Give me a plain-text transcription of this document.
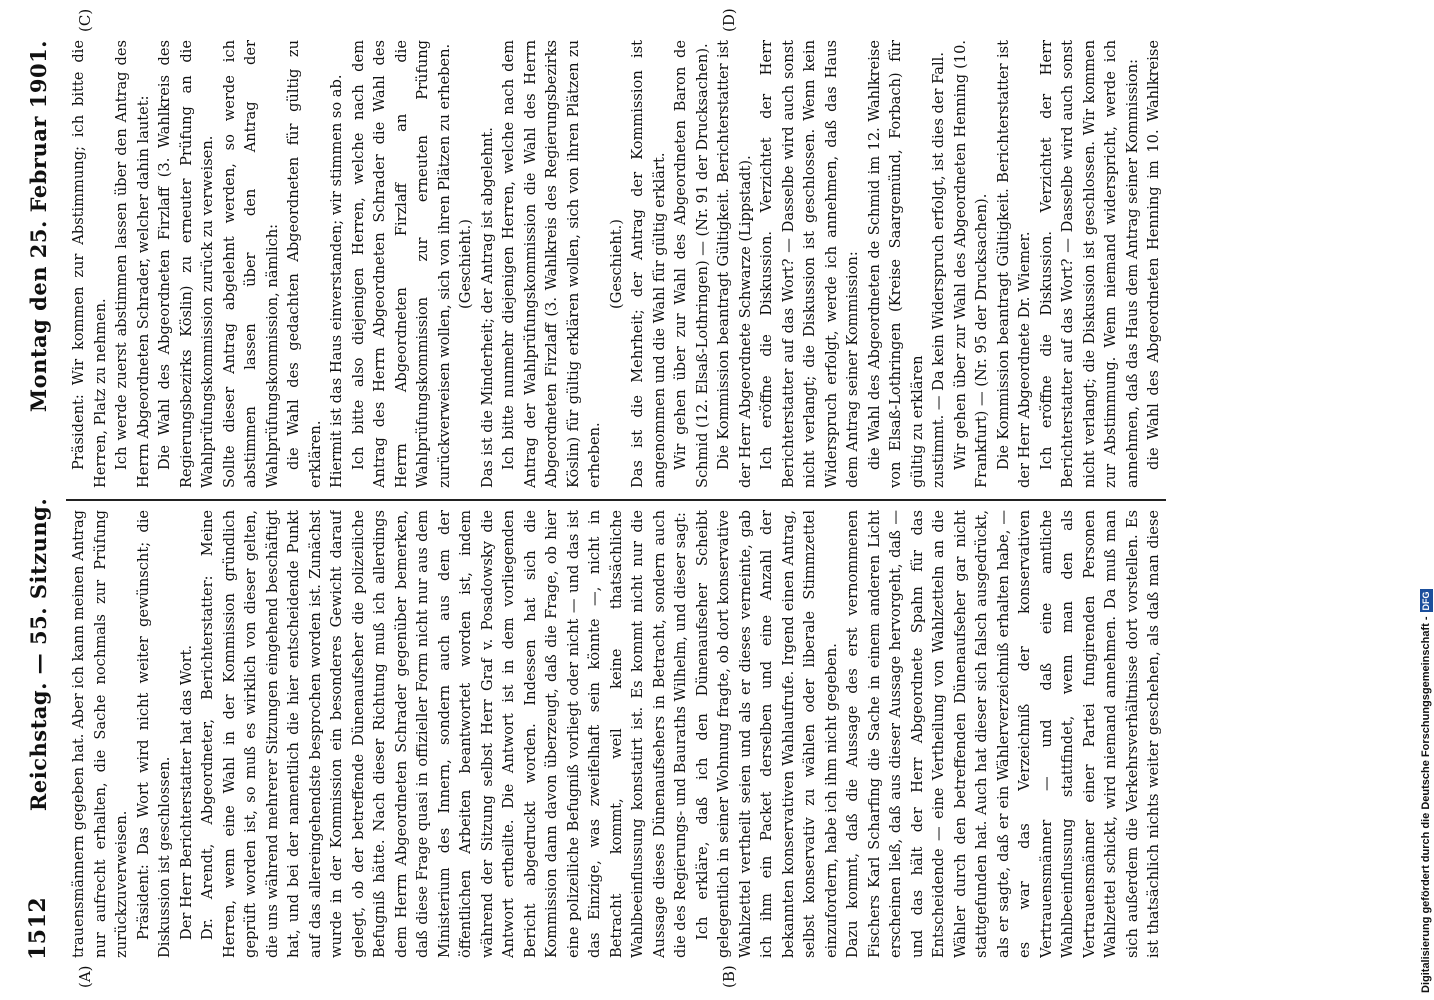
1512
Reichstag. — 55. Sitzung.
Montag den 25. Februar 1901.
(A)	(B)
(C)	(D)

trauensmännern gegeben hat. Aber ich kann meinen Antrag nur aufrecht erhalten, die Sache nochmals zur Prüfung zurückzuverweisen. Präsident: Das Wort wird nicht weiter gewünscht; die Diskussion ist geschlossen. Der Herr Berichterstatter hat das Wort. Dr. Arendt, Abgeordneter, Berichterstatter: Meine Herren, wenn eine Wahl in der Kommission gründlich geprüft worden ist, so muß es wirklich von dieser gelten, die uns während mehrerer Sitzungen eingehend beschäftigt hat, und bei der namentlich die hier entscheidende Punkt auf das allereingehendste besprochen worden ist. Zunächst wurde in der Kommission ein besonderes Gewicht darauf gelegt, ob der betreffende Dünenaufseher die polizeiliche Befugniß hätte. Nach dieser Richtung muß ich allerdings dem Herrn Abgeordneten Schrader gegenüber bemerken, daß diese Frage quasi in offizieller Form nicht nur aus dem Ministerium des Innern, sondern auch aus dem der öffentlichen Arbeiten beantwortet worden ist, indem während der Sitzung selbst Herr Graf v. Posadowsky die Antwort ertheilte. Die Antwort ist in dem vorliegenden Bericht abgedruckt worden. Indessen hat sich die Kommission dann davon überzeugt, daß die Frage, ob hier eine polizeiliche Befugniß vorliegt oder nicht — und das ist das Einzige, was zweifelhaft sein könnte —, nicht in Betracht kommt, weil keine thatsächliche Wahlbeeinflussung konstatirt ist. Es kommt nicht nur die Aussage dieses Dünenaufsehers in Betracht, sondern auch die des Regierungs- und Bauraths Wilhelm, und dieser sagt: Ich erkläre, daß ich den Dünenaufseher Scheibt gelegentlich in seiner Wohnung fragte, ob dort konservative Wahlzettel vertheilt seien und als er dieses verneinte, gab ich ihm ein Packet derselben und eine Anzahl der bekannten konservativen Wahlaufrufe. Irgend einen Antrag, selbst konservativ zu wählen oder liberale Stimmzettel einzufordern, habe ich ihm nicht gegeben. Dazu kommt, daß die Aussage des erst vernommenen Fischers Karl Scharfing die Sache in einem anderen Licht erscheinen ließ, daß aus dieser Aussage hervorgeht, daß — und das hält der Herr Abgeordnete Spahn für das Entscheidende — eine Vertheilung von Wahlzetteln an die Wähler durch den betreffenden Dünenaufseher gar nicht stattgefunden hat. Auch hat dieser sich falsch ausgedrückt, als er sagte, daß er ein Wählerverzeichniß erhalten habe, — es war das Verzeichniß der konservativen Vertrauensmänner — und daß eine amtliche Wahlbeeinflussung stattfindet, wenn man den als Vertrauensmänner einer Partei fungirenden Personen Wahlzettel schickt, wird niemand annehmen. Da muß man sich außerdem die Verkehrsverhältnisse dort vorstellen. Es ist thatsächlich nichts weiter geschehen, als daß man diese

Präsident: Wir kommen zur Abstimmung; ich bitte die Herren, Platz zu nehmen. Ich werde zuerst abstimmen lassen über den Antrag des Herrn Abgeordneten Schrader, welcher dahin lautet: Die Wahl des Abgeordneten Firzlaff (3. Wahlkreis des Regierungsbezirks Köslin) zu erneuter Prüfung an die Wahlprüfungskommission zurück zu verweisen. Sollte dieser Antrag abgelehnt werden, so werde ich abstimmen lassen über den Antrag der Wahlprüfungskommission, nämlich: die Wahl des gedachten Abgeordneten für gültig zu erklären. Hiermit ist das Haus einverstanden; wir stimmen so ab. Ich bitte also diejenigen Herren, welche nach dem Antrag des Herrn Abgeordneten Schrader die Wahl des Herrn Abgeordneten Firzlaff an die Wahlprüfungskommission zur erneuten Prüfung zurückverweisen wollen, sich von ihren Plätzen zu erheben. (Geschieht.) Das ist die Minderheit; der Antrag ist abgelehnt. Ich bitte nunmehr diejenigen Herren, welche nach dem Antrag der Wahlprüfungskommission die Wahl des Herrn Abgeordneten Firzlaff (3. Wahlkreis des Regierungsbezirks Köslin) für gültig erklären wollen, sich von ihren Plätzen zu erheben.

(Geschieht.) Das ist die Mehrheit; der Antrag der Kommission ist angenommen und die Wahl für gültig erklärt. Wir gehen über zur Wahl des Abgeordneten Baron de Schmid (12. Elsaß-Lothringen) — (Nr. 91 der Drucksachen). Die Kommission beantragt Gültigkeit. Berichterstatter ist der Herr Abgeordnete Schwarze (Lippstadt). Ich eröffne die Diskussion. Verzichtet der Herr Berichterstatter auf das Wort? — Dasselbe wird auch sonst nicht verlangt; die Diskussion ist geschlossen. Wenn kein Widerspruch erfolgt, werde ich annehmen, daß das Haus dem Antrag seiner Kommission: die Wahl des Abgeordneten de Schmid im 12. Wahlkreise von Elsaß-Lothringen (Kreise Saargemünd, Forbach) für gültig zu erklären zustimmt. — Da kein Widerspruch erfolgt, ist dies der Fall. Wir gehen über zur Wahl des Abgeordneten Henning (10. Frankfurt) — (Nr. 95 der Drucksachen). Die Kommission beantragt Gültigkeit. Berichterstatter ist der Herr Abgeordnete Dr. Wiemer. Ich eröffne die Diskussion. Verzichtet der Herr Berichterstatter auf das Wort? — Dasselbe wird auch sonst nicht verlangt; die Diskussion ist geschlossen. Wir kommen zur Abstimmung. Wenn niemand widerspricht, werde ich annehmen, daß das Haus dem Antrag seiner Kommission: die Wahl des Abgeordneten Henning im 10. Wahlkreise

Digitalisierung gefördert durch die Deutsche Forschungsgemeinschaft -
DFG
